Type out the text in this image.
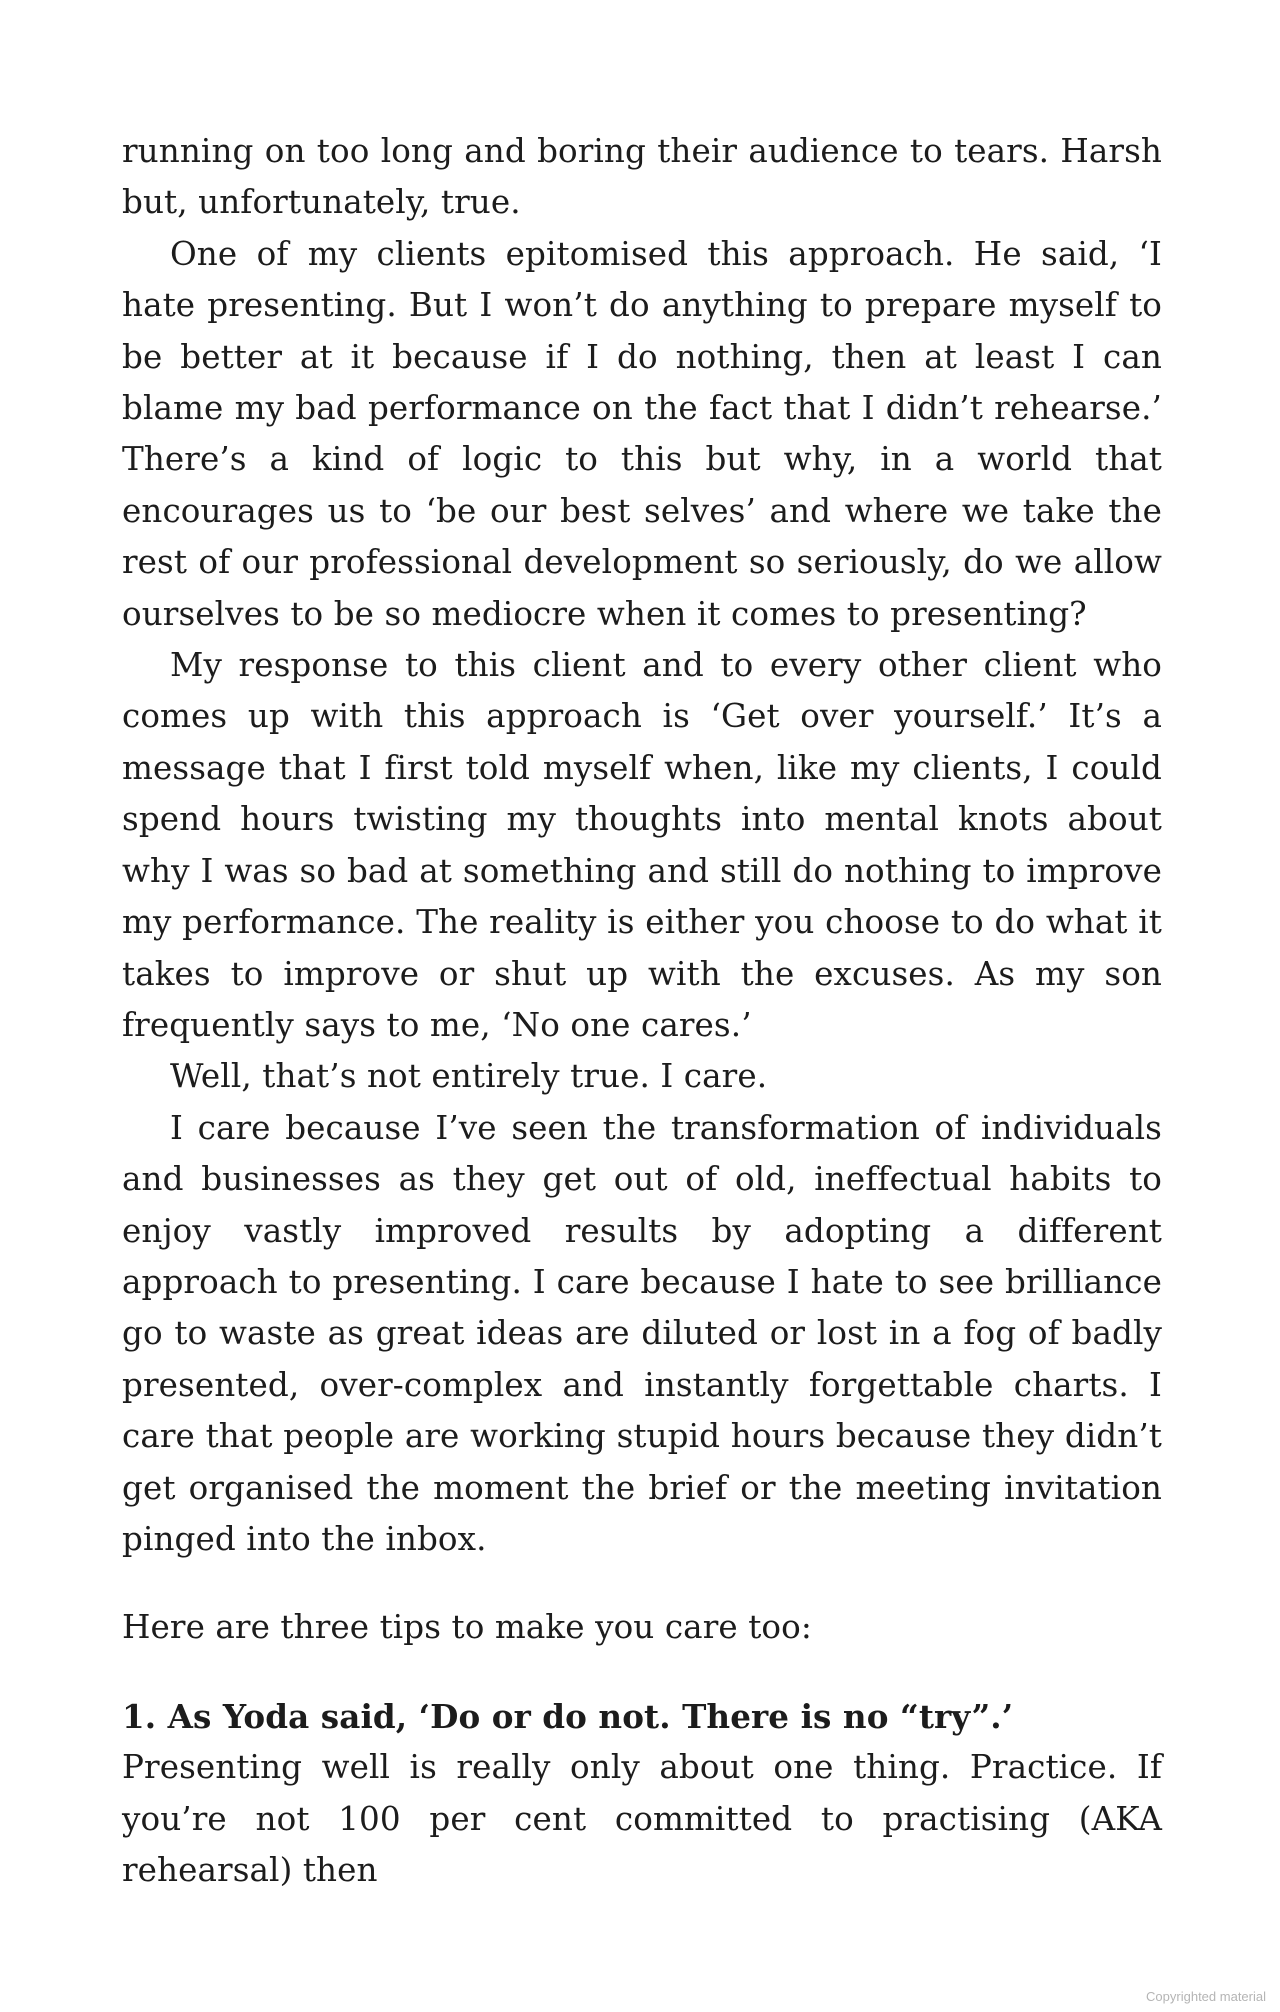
running on too long and boring their audience to tears. Harsh but, unfortunately, true.

One of my clients epitomised this approach. He said, ‘I hate presenting. But I won’t do anything to prepare myself to be better at it because if I do nothing, then at least I can blame my bad performance on the fact that I didn’t rehearse.’ There’s a kind of logic to this but why, in a world that encourages us to ‘be our best selves’ and where we take the rest of our professional development so seriously, do we allow ourselves to be so mediocre when it comes to presenting?

My response to this client and to every other client who comes up with this approach is ‘Get over yourself.’ It’s a message that I first told myself when, like my clients, I could spend hours twisting my thoughts into mental knots about why I was so bad at something and still do nothing to improve my performance. The reality is either you choose to do what it takes to improve or shut up with the excuses. As my son frequently says to me, ‘No one cares.’

Well, that’s not entirely true. I care.

I care because I’ve seen the transformation of individuals and businesses as they get out of old, ineffectual habits to enjoy vastly improved results by adopting a different approach to presenting. I care because I hate to see brilliance go to waste as great ideas are diluted or lost in a fog of badly presented, over-complex and instantly forgettable charts. I care that people are working stupid hours because they didn’t get organised the moment the brief or the meeting invitation pinged into the inbox.

Here are three tips to make you care too:

1. As Yoda said, ‘Do or do not. There is no “try”.’

Presenting well is really only about one thing. Practice. If you’re not 100 per cent committed to practising (AKA rehearsal) then

Copyrighted material
